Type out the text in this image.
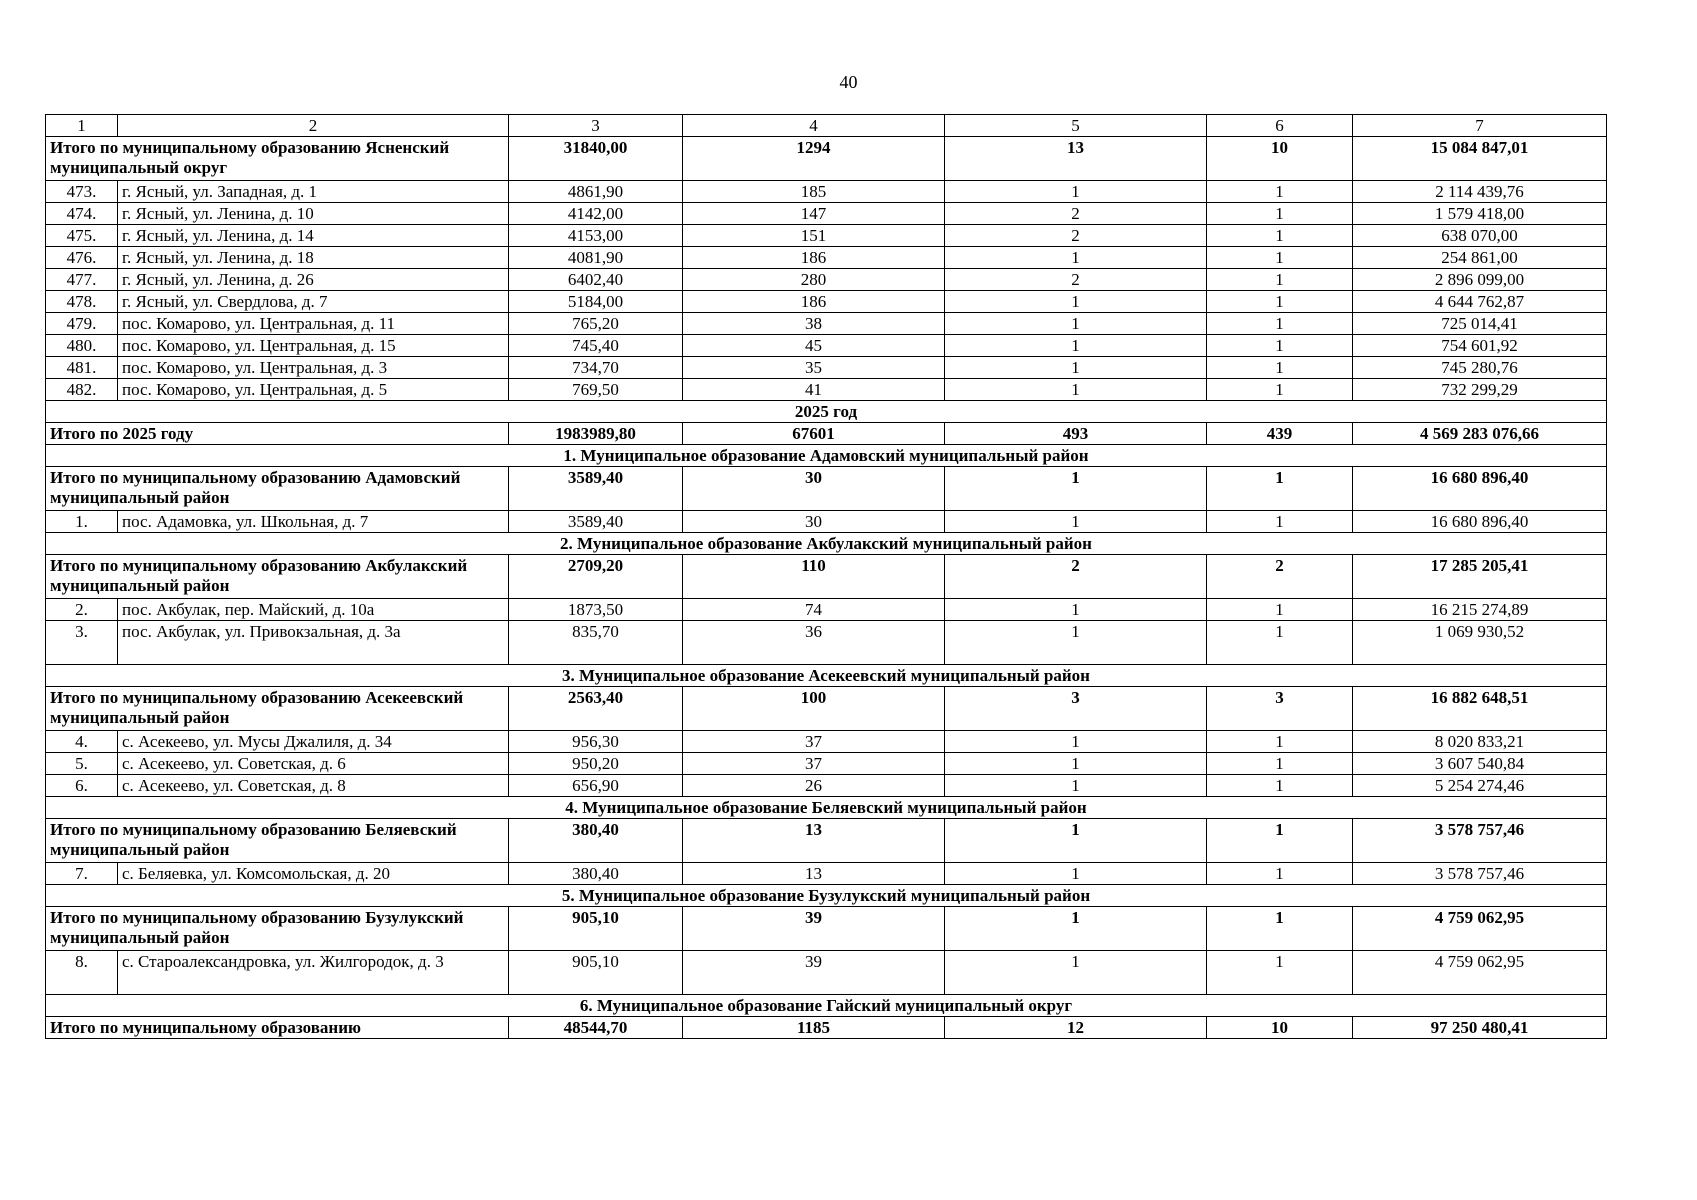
40
1	2	3	4	5	6	7
Итого по муниципальному образованию Ясненский муниципальный округ		31840,00	1294	13	10	15 084 847,01
473.	г. Ясный, ул. Западная, д. 1	4861,90	185	1	1	2 114 439,76
474.	г. Ясный, ул. Ленина, д. 10	4142,00	147	2	1	1 579 418,00
475.	г. Ясный, ул. Ленина, д. 14	4153,00	151	2	1	638 070,00
476.	г. Ясный, ул. Ленина, д. 18	4081,90	186	1	1	254 861,00
477.	г. Ясный, ул. Ленина, д. 26	6402,40	280	2	1	2 896 099,00
478.	г. Ясный, ул. Свердлова, д. 7	5184,00	186	1	1	4 644 762,87
479.	пос. Комарово, ул. Центральная, д. 11	765,20	38	1	1	725 014,41
480.	пос. Комарово, ул. Центральная, д. 15	745,40	45	1	1	754 601,92
481.	пос. Комарово, ул. Центральная, д. 3	734,70	35	1	1	745 280,76
482.	пос. Комарово, ул. Центральная, д. 5	769,50	41	1	1	732 299,29
2025 год						
Итого по 2025 году		1983989,80	67601	493	439	4 569 283 076,66
1. Муниципальное образование Адамовский муниципальный район						
Итого по муниципальному образованию Адамовский муниципальный район		3589,40	30	1	1	16 680 896,40
1.	пос. Адамовка, ул. Школьная, д. 7	3589,40	30	1	1	16 680 896,40
2. Муниципальное образование Акбулакский муниципальный район						
Итого по муниципальному образованию Акбулакский муниципальный район		2709,20	110	2	2	17 285 205,41
2.	пос. Акбулак, пер. Майский, д. 10а	1873,50	74	1	1	16 215 274,89
3.	пос. Акбулак, ул. Привокзальная, д. 3а	835,70	36	1	1	1 069 930,52
3. Муниципальное образование Асекеевский муниципальный район						
Итого по муниципальному образованию Асекеевский муниципальный район		2563,40	100	3	3	16 882 648,51
4.	с. Асекеево, ул. Мусы Джалиля, д. 34	956,30	37	1	1	8 020 833,21
5.	с. Асекеево, ул. Советская, д. 6	950,20	37	1	1	3 607 540,84
6.	с. Асекеево, ул. Советская, д. 8	656,90	26	1	1	5 254 274,46
4. Муниципальное образование Беляевский муниципальный район						
Итого по муниципальному образованию Беляевский муниципальный район		380,40	13	1	1	3 578 757,46
7.	с. Беляевка, ул. Комсомольская, д. 20	380,40	13	1	1	3 578 757,46
5. Муниципальное образование Бузулукский муниципальный район						
Итого по муниципальному образованию Бузулукский муниципальный район		905,10	39	1	1	4 759 062,95
8.	с. Староалександровка, ул. Жилгородок, д. 3	905,10	39	1	1	4 759 062,95
6. Муниципальное образование Гайский муниципальный округ						
Итого по муниципальному образованию		48544,70	1185	12	10	97 250 480,41
